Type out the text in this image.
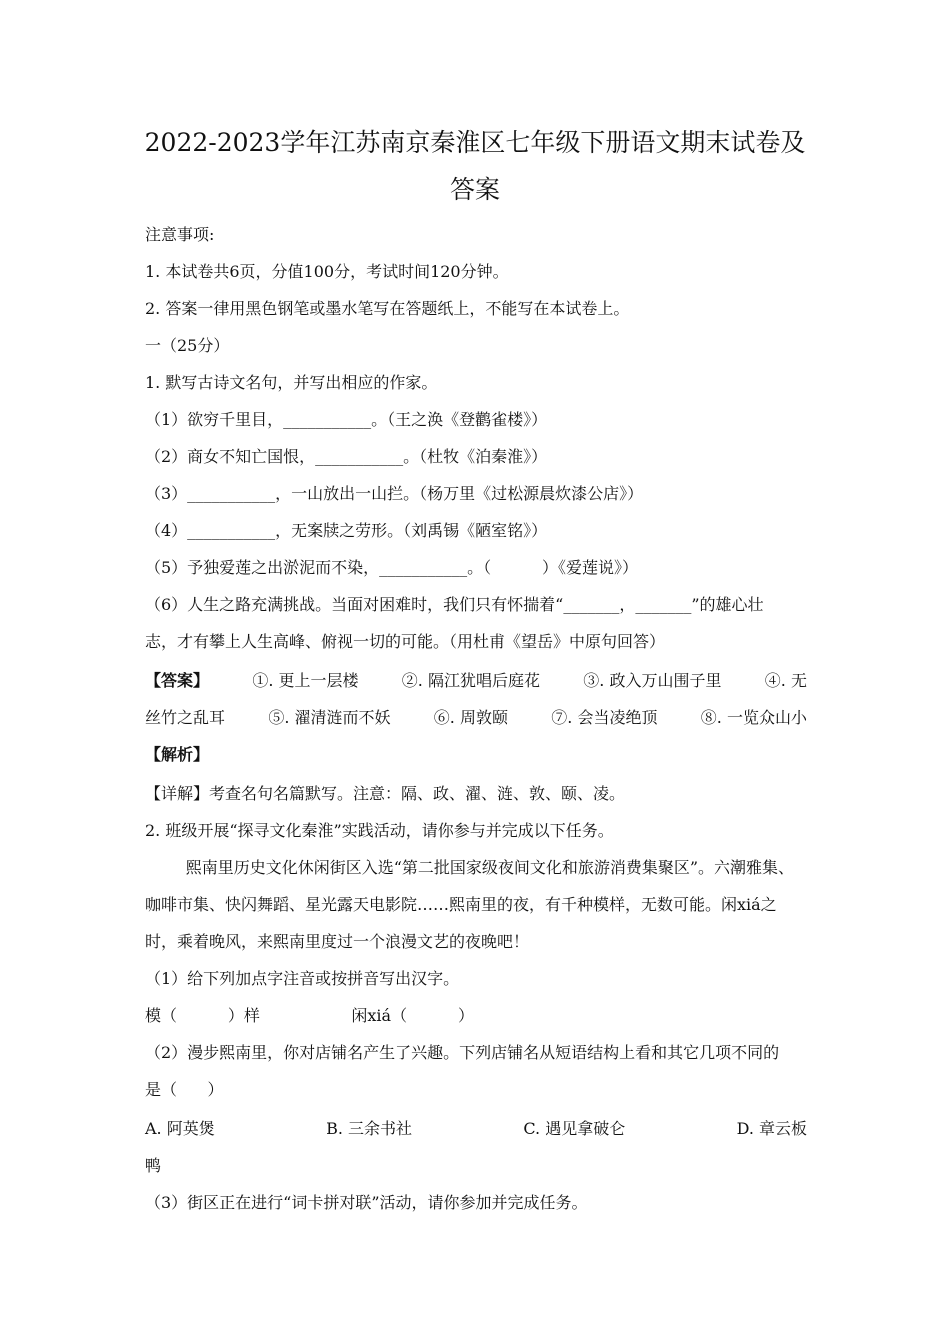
2022-2023学年江苏南京秦淮区七年级下册语文期末试卷及
答案
注意事项:
1. 本试卷共6页，分值100分，考试时间120分钟。
2. 答案一律用黑色钢笔或墨水笔写在答题纸上，不能写在本试卷上。
一（25分）
1. 默写古诗文名句，并写出相应的作家。
（1）欲穷千里目，___________。（王之涣《登鹳雀楼》）
（2）商女不知亡国恨，___________。（杜牧《泊秦淮》）
（3）___________，一山放出一山拦。（杨万里《过松源晨炊漆公店》）
（4）___________，无案牍之劳形。（刘禹锡《陋室铭》）
（5）予独爱莲之出淤泥而不染，___________。（          ）《爱莲说》）
（6）人生之路充满挑战。当面对困难时，我们只有怀揣着“_______，_______”的雄心壮
志，才有攀上人生高峰、俯视一切的可能。（用杜甫《望岳》中原句回答）
【答案】	①. 更上一层楼	②. 隔江犹唱后庭花	③. 政入万山围子里	④. 无
丝竹之乱耳	⑤. 濯清涟而不妖	⑥. 周敦颐	⑦. 会当凌绝顶	⑧. 一览众山小
【解析】
【详解】考查名句名篇默写。注意：隔、政、濯、涟、敦、颐、凌。
2. 班级开展“探寻文化秦淮”实践活动，请你参与并完成以下任务。
熙南里历史文化休闲街区入选“第二批国家级夜间文化和旅游消费集聚区”。六潮雅集、
咖啡市集、快闪舞蹈、星光露天电影院……熙南里的夜，有千种模样，无数可能。闲xiá之
时，乘着晚风，来熙南里度过一个浪漫文艺的夜晚吧！
（1）给下列加点字注音或按拼音写出汉字。
模（          ）样                  闲xiá（          ）
（2）漫步熙南里，你对店铺名产生了兴趣。下列店铺名从短语结构上看和其它几项不同的
是（      ）
A. 阿英煲	B. 三余书社	C. 遇见拿破仑	D. 章云板
鸭
（3）街区正在进行“词卡拼对联”活动，请你参加并完成任务。
